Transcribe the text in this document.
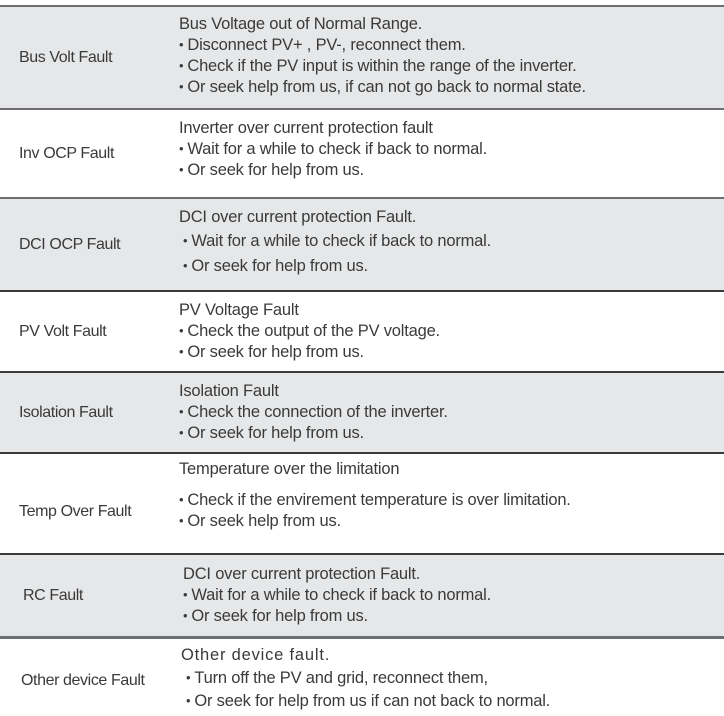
Bus Volt Fault
Bus Voltage out of Normal Range.
• Disconnect PV+ , PV-, reconnect them.
• Check if the PV input is within the range of the inverter.
• Or seek help from us, if can not go back to normal state.
Inv OCP Fault
Inverter over current protection fault
• Wait for a while to check if back to normal.
• Or seek for help from us.
DCI OCP Fault
DCI over current protection Fault.
• Wait for a while to check if back to normal.
• Or seek for help from us.
PV Volt Fault
PV Voltage Fault
• Check the output of the PV voltage.
• Or seek for help from us.
Isolation Fault
Isolation Fault
• Check the connection of the inverter.
• Or seek for help from us.
Temp Over Fault
Temperature over the limitation
• Check if the envirement temperature is over limitation.
• Or seek help from us.
RC Fault
DCI over current protection Fault.
• Wait for a while to check if back to normal.
• Or seek for help from us.
Other device Fault
Other device fault.
• Turn off the PV and grid, reconnect them,
• Or seek for help from us if can not back to normal.
